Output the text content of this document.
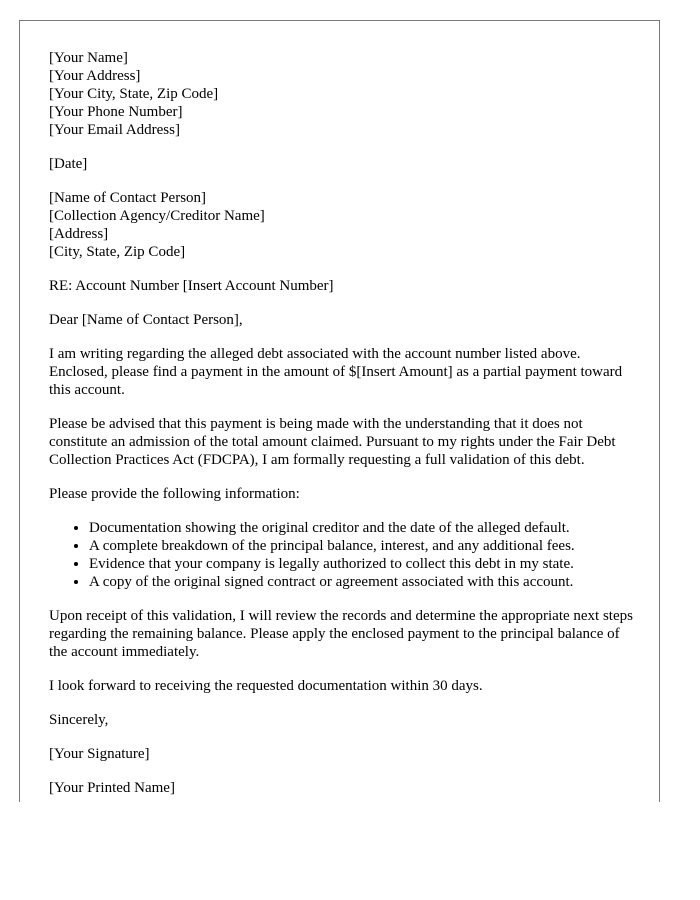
[Your Name]
[Your Address]
[Your City, State, Zip Code]
[Your Phone Number]
[Your Email Address]

[Date]

[Name of Contact Person]
[Collection Agency/Creditor Name]
[Address]
[City, State, Zip Code]

RE: Account Number [Insert Account Number]

Dear [Name of Contact Person],

I am writing regarding the alleged debt associated with the account number listed above. Enclosed, please find a payment in the amount of $[Insert Amount] as a partial payment toward this account.

Please be advised that this payment is being made with the understanding that it does not constitute an admission of the total amount claimed. Pursuant to my rights under the Fair Debt Collection Practices Act (FDCPA), I am formally requesting a full validation of this debt.

Please provide the following information:

• Documentation showing the original creditor and the date of the alleged default.
• A complete breakdown of the principal balance, interest, and any additional fees.
• Evidence that your company is legally authorized to collect this debt in my state.
• A copy of the original signed contract or agreement associated with this account.

Upon receipt of this validation, I will review the records and determine the appropriate next steps regarding the remaining balance. Please apply the enclosed payment to the principal balance of the account immediately.

I look forward to receiving the requested documentation within 30 days.

Sincerely,

[Your Signature]

[Your Printed Name]
